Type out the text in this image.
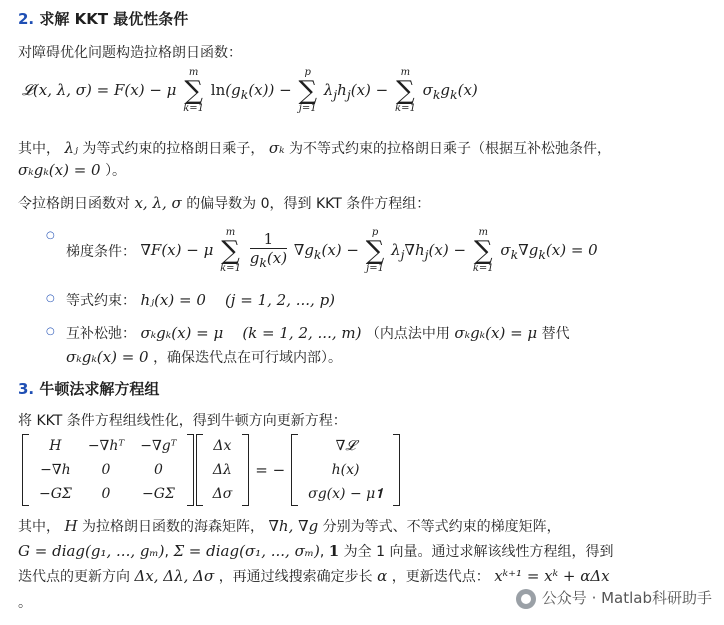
2. 求解 KKT 最优性条件
对障碍优化问题构造拉格朗日函数：
𝓛(x, λ, σ) = F(x) − μ
m
∑
k=1
$\ln(g_k(x))$ −
p
∑
j=1
$\lambda_jh_j(x)$ −
m
∑
k=1
$\sigma_kg_k(x)$
其中， λⱼ 为等式约束的拉格朗日乘子， σₖ 为不等式约束的拉格朗日乘子（根据互补松弛条件，
σₖgₖ(x) = 0 ）。
令拉格朗日函数对 x, λ, σ 的偏导数为 0，得到 KKT 条件方程组：
○
梯度条件： ∇F(x) − μ
m
∑
k=1
$\frac{1}{g_k(x)} \nabla g_k(x)$ −
p
∑
j=1
$\lambda_j\nabla h_j(x)$ −
m
∑
k=1
$\sigma_k\nabla g_k(x) = 0$
○ 等式约束： hⱼ(x) = 0    (j = 1, 2, ..., p)
○ 互补松弛： σₖgₖ(x) = μ    (k = 1, 2, ..., m) （内点法中用 σₖgₖ(x) = μ 替代
σₖgₖ(x) = 0 ，确保迭代点在可行域内部）。
3. 牛顿法求解方程组
将 KKT 条件方程组线性化，得到牛顿方向更新方程：
H	−∇hᵀ	−∇gᵀ
−∇h	0	0
−GΣ	0	−GΣ
Δx
Δλ
Δσ
= −
∇𝓛
h(x)
σg(x) − μ𝟏
其中， H 为拉格朗日函数的海森矩阵， ∇h, ∇g 分别为等式、不等式约束的梯度矩阵，
G = diag(g₁, ..., gₘ), Σ = diag(σ₁, ..., σₘ), 𝟏 为全 1 向量。通过求解该线性方程组，得到
迭代点的更新方向 Δx, Δλ, Δσ ，再通过线搜索确定步长 α ，更新迭代点： xᵏ⁺¹ = xᵏ + αΔx
。	公众号 · Matlab科研助手
